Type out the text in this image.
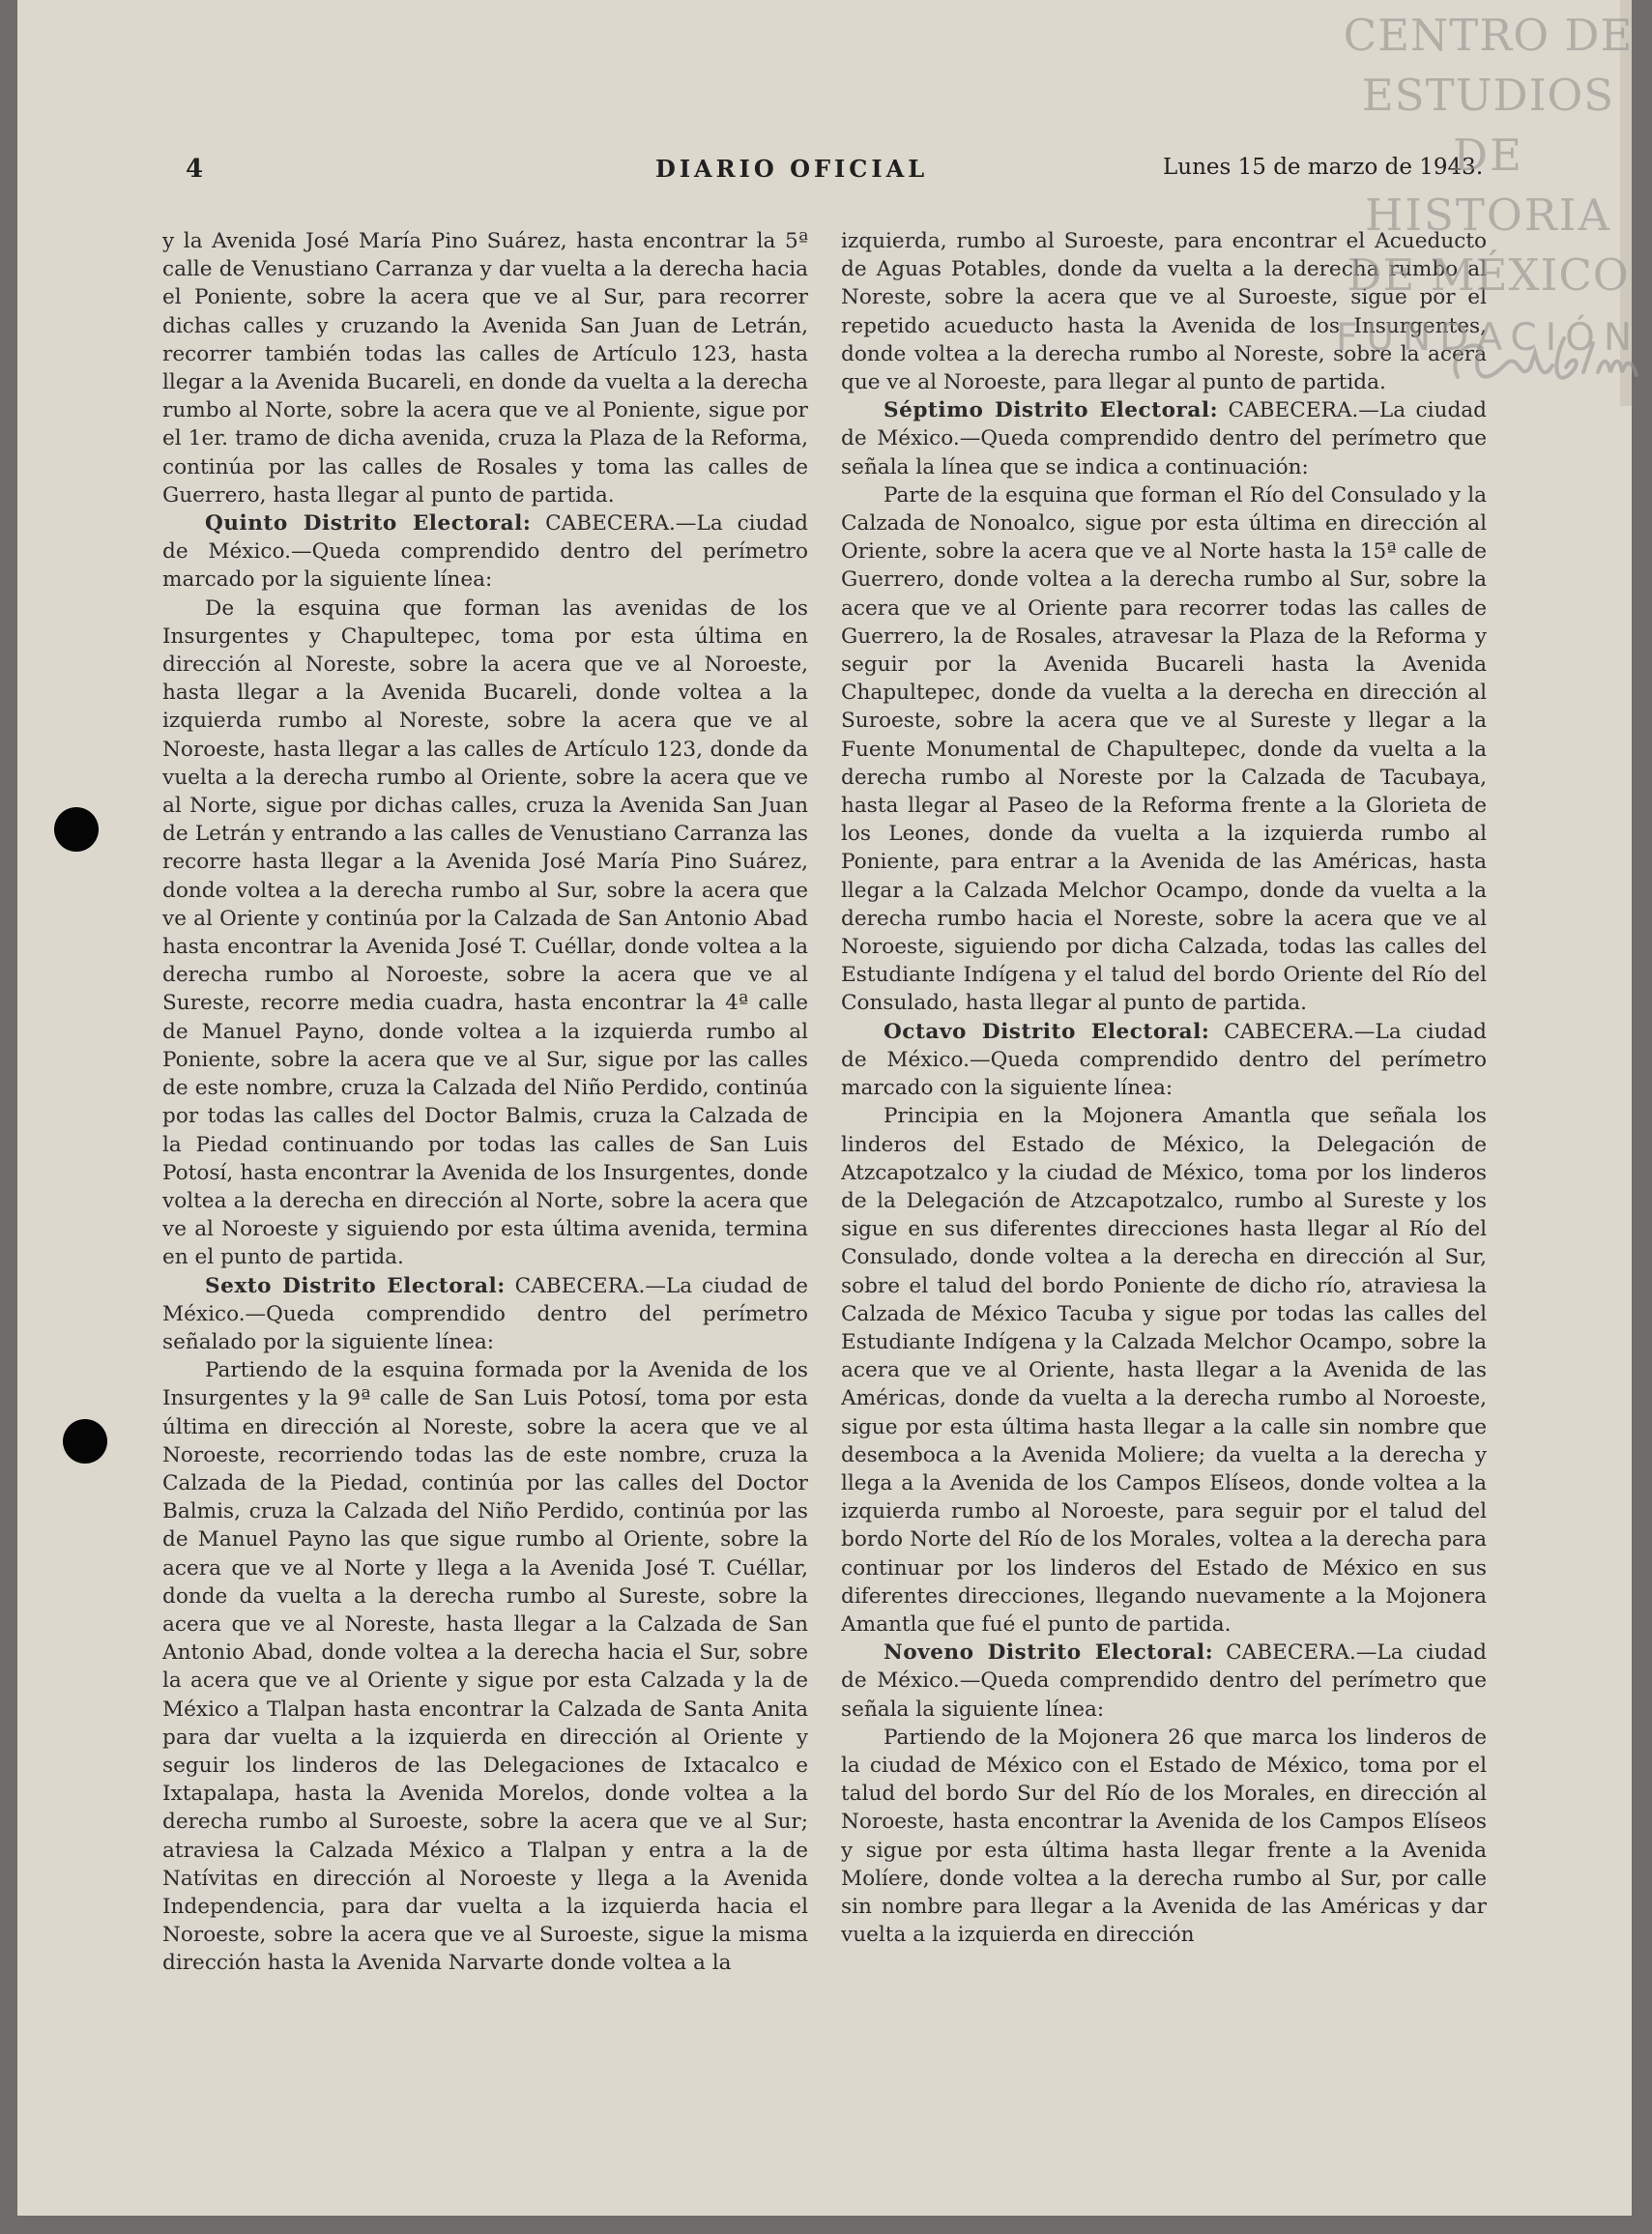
4	DIARIO OFICIAL	Lunes 15 de marzo de 1943.

y la Avenida José María Pino Suárez, hasta encontrar la 5ª calle de Venustiano Carranza y dar vuelta a la derecha hacia el Poniente, sobre la acera que ve al Sur, para recorrer dichas calles y cruzando la Avenida San Juan de Letrán, recorrer también todas las calles de Artículo 123, hasta llegar a la Avenida Bucareli, en donde da vuelta a la derecha rumbo al Norte, sobre la acera que ve al Poniente, sigue por el 1er. tramo de dicha avenida, cruza la Plaza de la Reforma, continúa por las calles de Rosales y toma las calles de Guerrero, hasta llegar al punto de partida.

Quinto Distrito Electoral: CABECERA.—La ciudad de México.—Queda comprendido dentro del perímetro marcado por la siguiente línea:

De la esquina que forman las avenidas de los Insurgentes y Chapultepec, toma por esta última en dirección al Noreste, sobre la acera que ve al Noroeste, hasta llegar a la Avenida Bucareli, donde voltea a la izquierda rumbo al Noreste, sobre la acera que ve al Noroeste, hasta llegar a las calles de Artículo 123, donde da vuelta a la derecha rumbo al Oriente, sobre la acera que ve al Norte, sigue por dichas calles, cruza la Avenida San Juan de Letrán y entrando a las calles de Venustiano Carranza las recorre hasta llegar a la Avenida José María Pino Suárez, donde voltea a la derecha rumbo al Sur, sobre la acera que ve al Oriente y continúa por la Calzada de San Antonio Abad hasta encontrar la Avenida José T. Cuéllar, donde voltea a la derecha rumbo al Noroeste, sobre la acera que ve al Sureste, recorre media cuadra, hasta encontrar la 4ª calle de Manuel Payno, donde voltea a la izquierda rumbo al Poniente, sobre la acera que ve al Sur, sigue por las calles de este nombre, cruza la Calzada del Niño Perdido, continúa por todas las calles del Doctor Balmis, cruza la Calzada de la Piedad continuando por todas las calles de San Luis Potosí, hasta encontrar la Avenida de los Insurgentes, donde voltea a la derecha en dirección al Norte, sobre la acera que ve al Noroeste y siguiendo por esta última avenida, termina en el punto de partida.

Sexto Distrito Electoral: CABECERA.—La ciudad de México.—Queda comprendido dentro del perímetro señalado por la siguiente línea:

Partiendo de la esquina formada por la Avenida de los Insurgentes y la 9ª calle de San Luis Potosí, toma por esta última en dirección al Noreste, sobre la acera que ve al Noroeste, recorriendo todas las de este nombre, cruza la Calzada de la Piedad, continúa por las calles del Doctor Balmis, cruza la Calzada del Niño Perdido, continúa por las de Manuel Payno las que sigue rumbo al Oriente, sobre la acera que ve al Norte y llega a la Avenida José T. Cuéllar, donde da vuelta a la derecha rumbo al Sureste, sobre la acera que ve al Noreste, hasta llegar a la Calzada de San Antonio Abad, donde voltea a la derecha hacia el Sur, sobre la acera que ve al Oriente y sigue por esta Calzada y la de México a Tlalpan hasta encontrar la Calzada de Santa Anita para dar vuelta a la izquierda en dirección al Oriente y seguir los linderos de las Delegaciones de Ixtacalco e Ixtapalapa, hasta la Avenida Morelos, donde voltea a la derecha rumbo al Suroeste, sobre la acera que ve al Sur; atraviesa la Calzada México a Tlalpan y entra a la de Natívitas en dirección al Noroeste y llega a la Avenida Independencia, para dar vuelta a la izquierda hacia el Noroeste, sobre la acera que ve al Suroeste, sigue la misma dirección hasta la Avenida Narvarte donde voltea a la

izquierda, rumbo al Suroeste, para encontrar el Acueducto de Aguas Potables, donde da vuelta a la derecha rumbo al Noreste, sobre la acera que ve al Suroeste, sigue por el repetido acueducto hasta la Avenida de los Insurgentes, donde voltea a la derecha rumbo al Noreste, sobre la acera que ve al Noroeste, para llegar al punto de partida.

Séptimo Distrito Electoral: CABECERA.—La ciudad de México.—Queda comprendido dentro del perímetro que señala la línea que se indica a continuación:

Parte de la esquina que forman el Río del Consulado y la Calzada de Nonoalco, sigue por esta última en dirección al Oriente, sobre la acera que ve al Norte hasta la 15ª calle de Guerrero, donde voltea a la derecha rumbo al Sur, sobre la acera que ve al Oriente para recorrer todas las calles de Guerrero, la de Rosales, atravesar la Plaza de la Reforma y seguir por la Avenida Bucareli hasta la Avenida Chapultepec, donde da vuelta a la derecha en dirección al Suroeste, sobre la acera que ve al Sureste y llegar a la Fuente Monumental de Chapultepec, donde da vuelta a la derecha rumbo al Noreste por la Calzada de Tacubaya, hasta llegar al Paseo de la Reforma frente a la Glorieta de los Leones, donde da vuelta a la izquierda rumbo al Poniente, para entrar a la Avenida de las Américas, hasta llegar a la Calzada Melchor Ocampo, donde da vuelta a la derecha rumbo hacia el Noreste, sobre la acera que ve al Noroeste, siguiendo por dicha Calzada, todas las calles del Estudiante Indígena y el talud del bordo Oriente del Río del Consulado, hasta llegar al punto de partida.

Octavo Distrito Electoral: CABECERA.—La ciudad de México.—Queda comprendido dentro del perímetro marcado con la siguiente línea:

Principia en la Mojonera Amantla que señala los linderos del Estado de México, la Delegación de Atzcapotzalco y la ciudad de México, toma por los linderos de la Delegación de Atzcapotzalco, rumbo al Sureste y los sigue en sus diferentes direcciones hasta llegar al Río del Consulado, donde voltea a la derecha en dirección al Sur, sobre el talud del bordo Poniente de dicho río, atraviesa la Calzada de México Tacuba y sigue por todas las calles del Estudiante Indígena y la Calzada Melchor Ocampo, sobre la acera que ve al Oriente, hasta llegar a la Avenida de las Américas, donde da vuelta a la derecha rumbo al Noroeste, sigue por esta última hasta llegar a la calle sin nombre que desemboca a la Avenida Moliere; da vuelta a la derecha y llega a la Avenida de los Campos Elíseos, donde voltea a la izquierda rumbo al Noroeste, para seguir por el talud del bordo Norte del Río de los Morales, voltea a la derecha para continuar por los linderos del Estado de México en sus diferentes direcciones, llegando nuevamente a la Mojonera Amantla que fué el punto de partida.

Noveno Distrito Electoral: CABECERA.—La ciudad de México.—Queda comprendido dentro del perímetro que señala la siguiente línea:

Partiendo de la Mojonera 26 que marca los linderos de la ciudad de México con el Estado de México, toma por el talud del bordo Sur del Río de los Morales, en dirección al Noroeste, hasta encontrar la Avenida de los Campos Elíseos y sigue por esta última hasta llegar frente a la Avenida Molíere, donde voltea a la derecha rumbo al Sur, por calle sin nombre para llegar a la Avenida de las Américas y dar vuelta a la izquierda en dirección

CENTRO DE
ESTUDIOS
DE HISTORIA
DE MÉXICO
FUNDACIÓN
